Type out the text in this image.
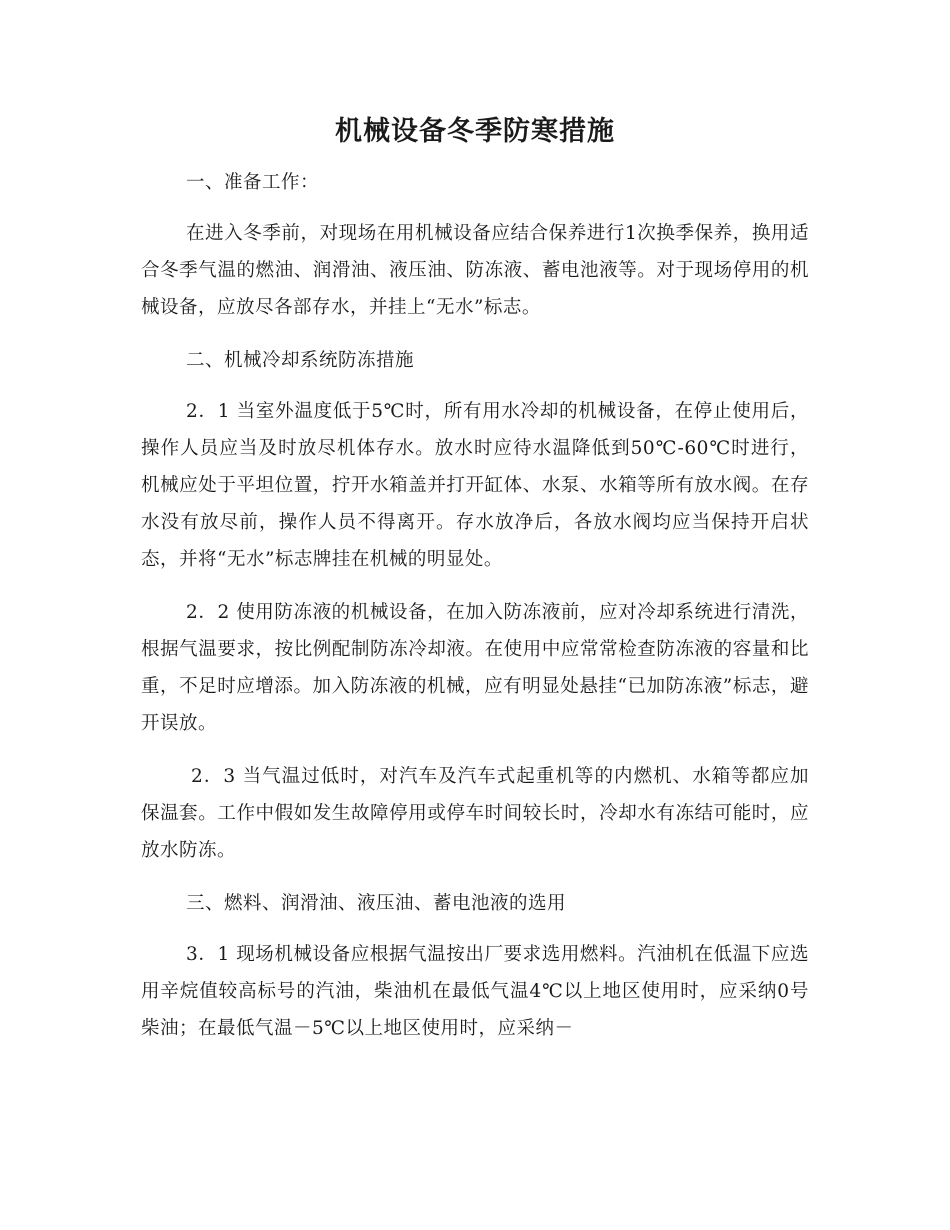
机械设备冬季防寒措施

一、准备工作：

在进入冬季前，对现场在用机械设备应结合保养进行1次换季保养，换用适合冬季气温的燃油、润滑油、液压油、防冻液、蓄电池液等。对于现场停用的机械设备，应放尽各部存水，并挂上“无水”标志。

二、机械冷却系统防冻措施

2．1 当室外温度低于5℃时，所有用水冷却的机械设备，在停止使用后，操作人员应当及时放尽机体存水。放水时应待水温降低到50℃-60℃时进行，机械应处于平坦位置，拧开水箱盖并打开缸体、水泵、水箱等所有放水阀。在存水没有放尽前，操作人员不得离开。存水放净后，各放水阀均应当保持开启状态，并将“无水”标志牌挂在机械的明显处。

2．2 使用防冻液的机械设备，在加入防冻液前，应对冷却系统进行清洗，根据气温要求，按比例配制防冻冷却液。在使用中应常常检查防冻液的容量和比重，不足时应增添。加入防冻液的机械，应有明显处悬挂“已加防冻液”标志，避开误放。

2．3 当气温过低时，对汽车及汽车式起重机等的内燃机、水箱等都应加保温套。工作中假如发生故障停用或停车时间较长时，冷却水有冻结可能时，应放水防冻。

三、燃料、润滑油、液压油、蓄电池液的选用

3．1 现场机械设备应根据气温按出厂要求选用燃料。汽油机在低温下应选用辛烷值较高标号的汽油，柴油机在最低气温4℃以上地区使用时，应采纳0号柴油；在最低气温－5℃以上地区使用时，应采纳－
